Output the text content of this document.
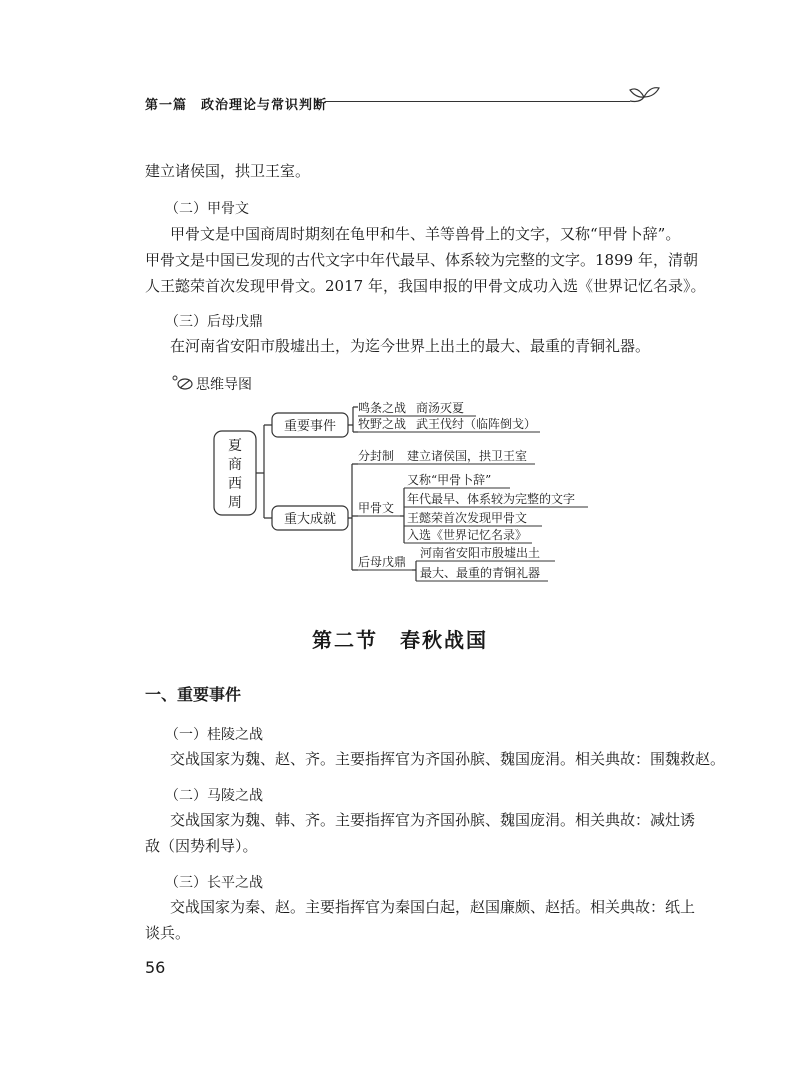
第一篇　政治理论与常识判断
建立诸侯国，拱卫王室。
（二）甲骨文
甲骨文是中国商周时期刻在龟甲和牛、羊等兽骨上的文字，又称“甲骨卜辞”。
甲骨文是中国已发现的古代文字中年代最早、体系较为完整的文字。1899 年，清朝
人王懿荣首次发现甲骨文。2017 年，我国申报的甲骨文成功入选《世界记忆名录》。
（三）后母戊鼎
在河南省安阳市殷墟出土，为迄今世界上出土的最大、最重的青铜礼器。
思维导图
夏
商
西
周
重要事件
鸣条之战 商汤灭夏
牧野之战 武王伐纣（临阵倒戈）
重大成就
分封制 建立诸侯国，拱卫王室
甲骨文
又称“甲骨卜辞”
年代最早、体系较为完整的文字
王懿荣首次发现甲骨文
入选《世界记忆名录》
后母戊鼎
河南省安阳市殷墟出土
最大、最重的青铜礼器
第二节　春秋战国
一、重要事件
（一）桂陵之战
交战国家为魏、赵、齐。主要指挥官为齐国孙膑、魏国庞涓。相关典故：围魏救赵。
（二）马陵之战
交战国家为魏、韩、齐。主要指挥官为齐国孙膑、魏国庞涓。相关典故：减灶诱
敌（因势利导）。
（三）长平之战
交战国家为秦、赵。主要指挥官为秦国白起，赵国廉颇、赵括。相关典故：纸上
谈兵。
56
